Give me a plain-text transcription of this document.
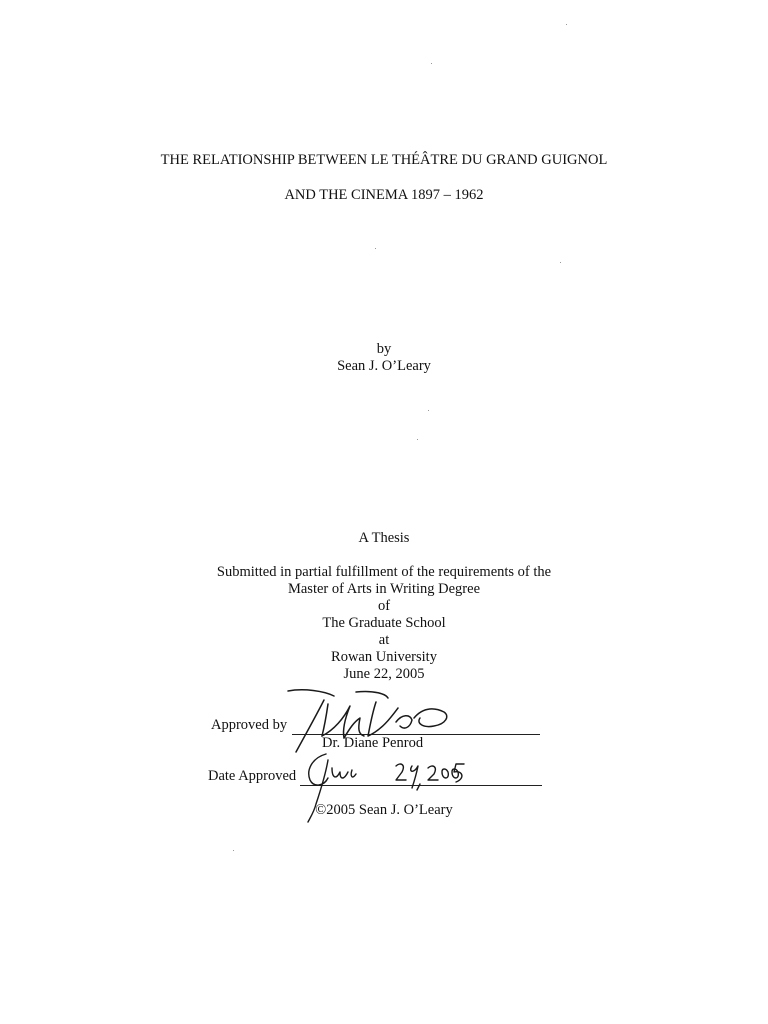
THE RELATIONSHIP BETWEEN LE THÉÂTRE DU GRAND GUIGNOL
AND THE CINEMA 1897 – 1962
by
Sean J. O’Leary
A Thesis
Submitted in partial fulfillment of the requirements of the
Master of Arts in Writing Degree
of
The Graduate School
at
Rowan University
June 22, 2005
Approved by
Dr. Diane Penrod
Date Approved
©2005 Sean J. O’Leary
